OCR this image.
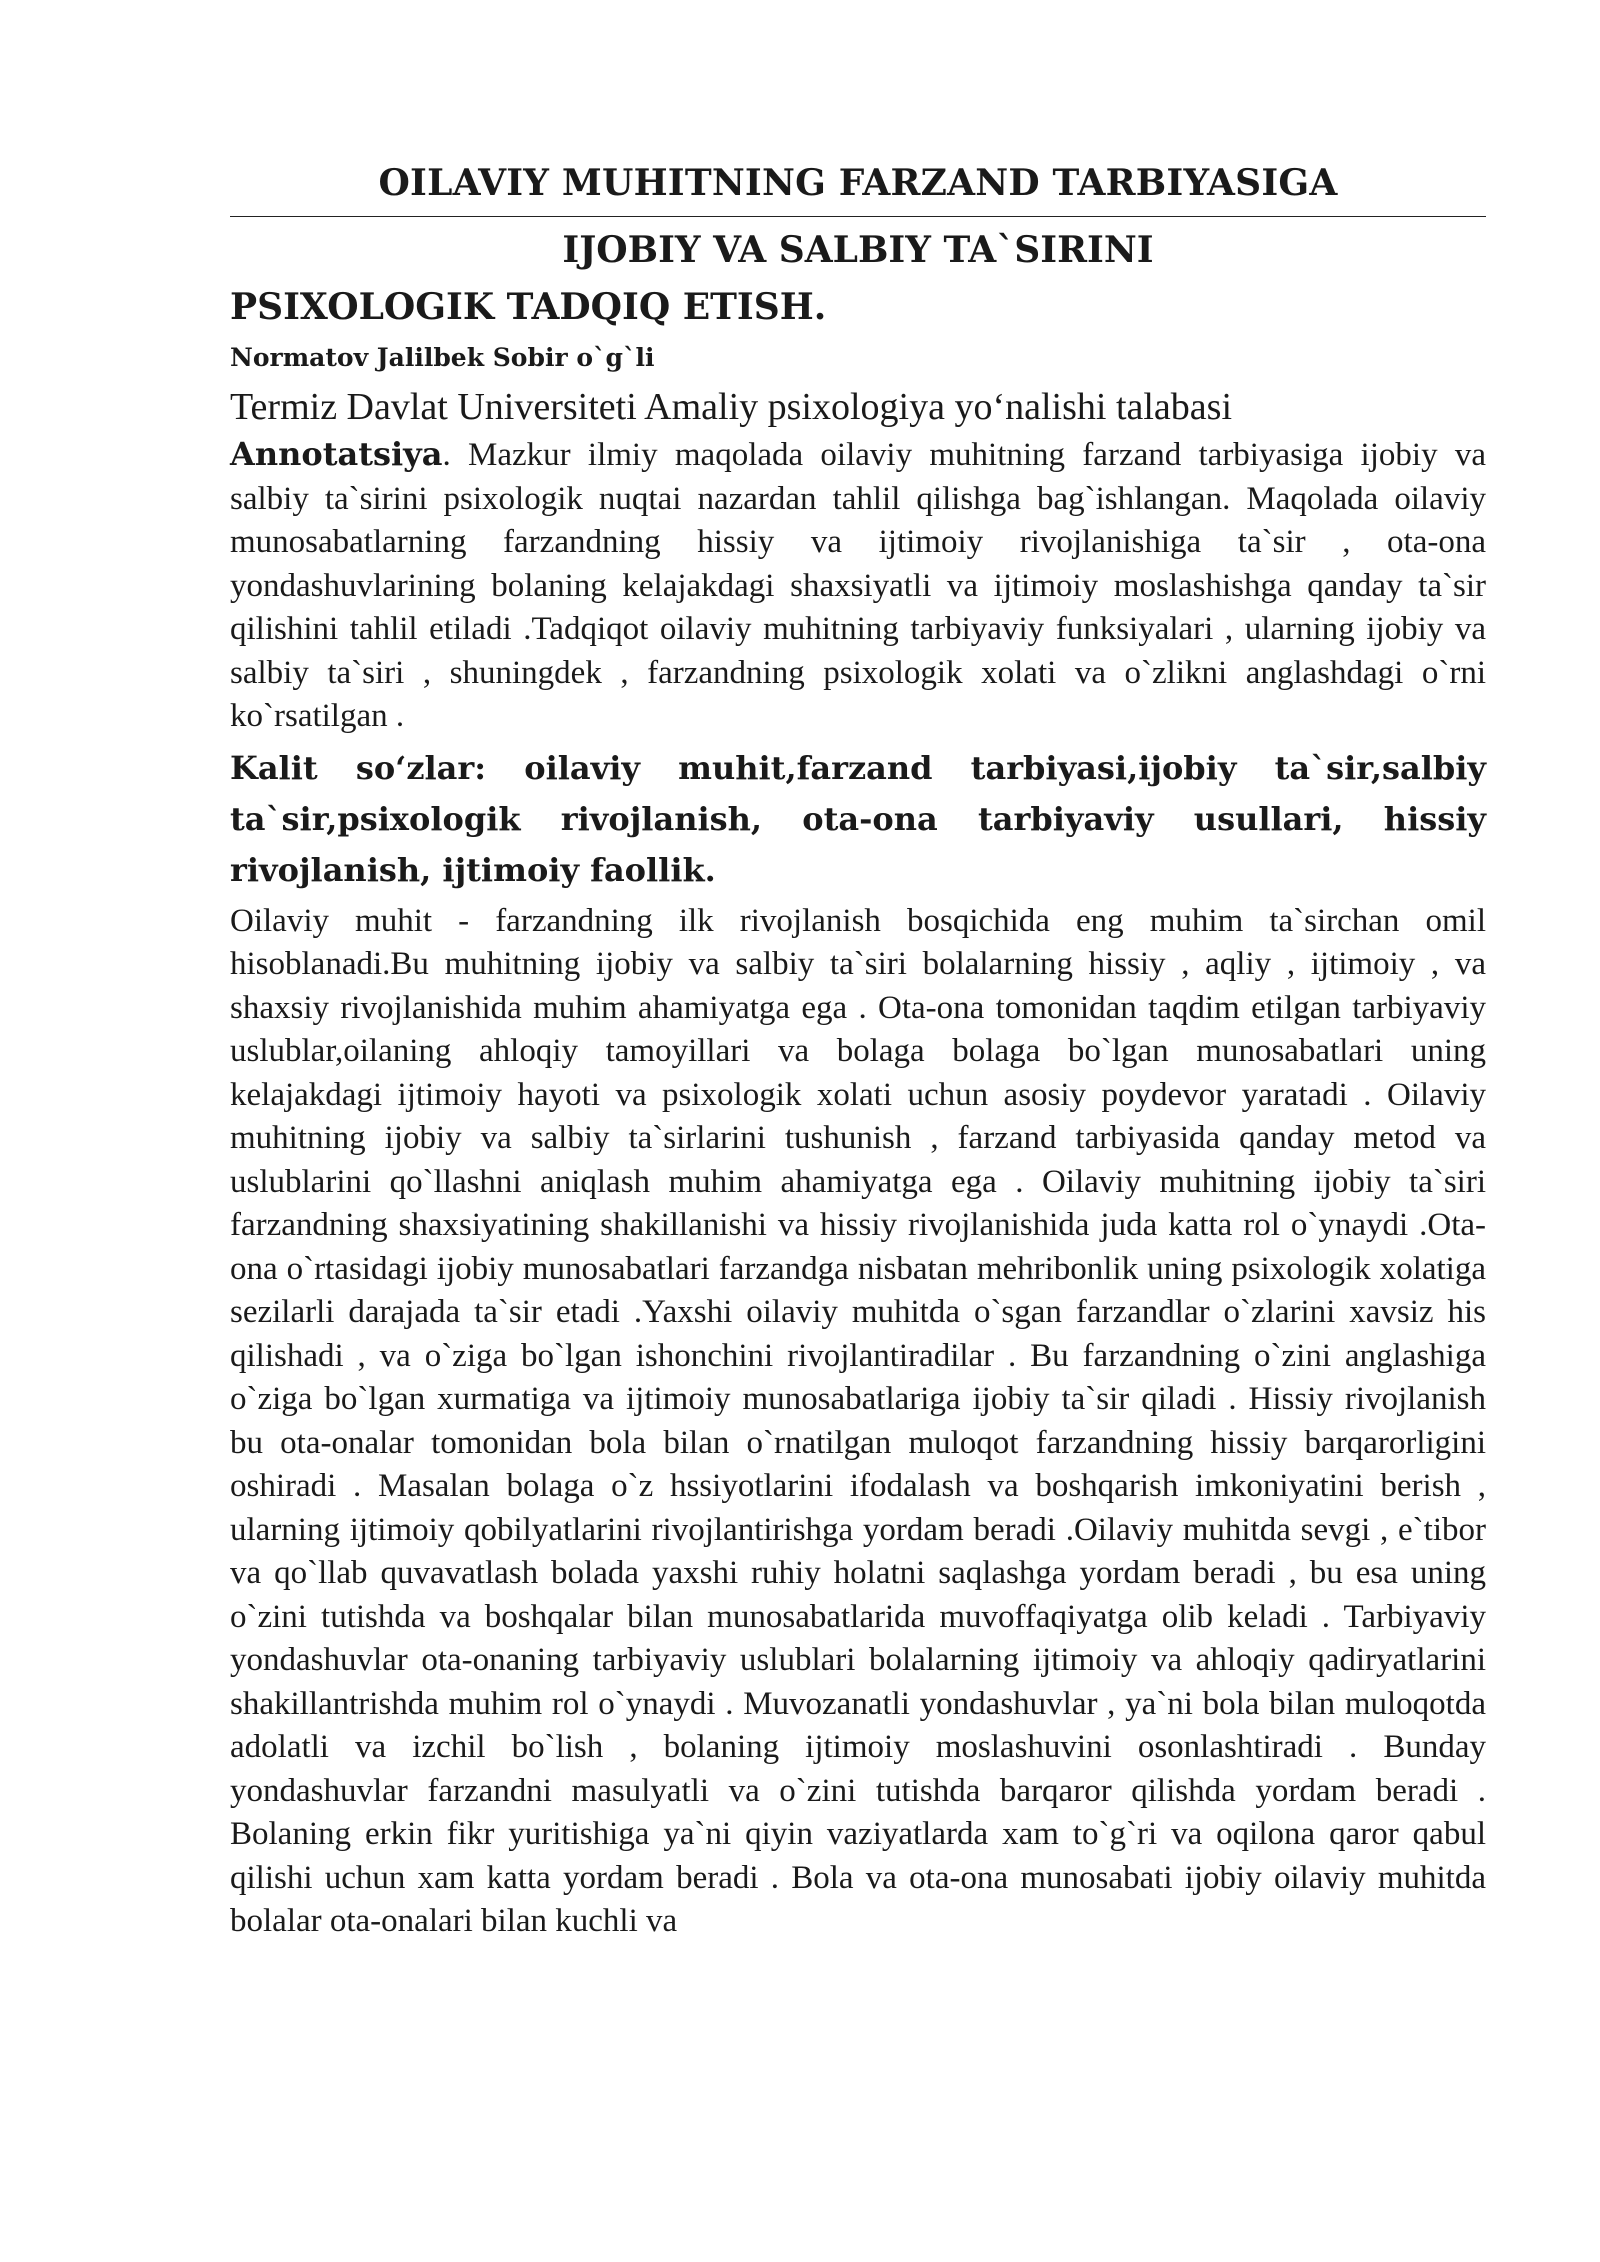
OILAVIY MUHITNING FARZAND TARBIYASIGA
IJOBIY VA SALBIY TA`SIRINI
PSIXOLOGIK TADQIQ ETISH.
Normatov Jalilbek Sobir o`g`li
Termiz Davlat Universiteti Amaliy psixologiya yo‘nalishi talabasi

Annotatsiya. Mazkur ilmiy maqolada oilaviy muhitning farzand tarbiyasiga ijobiy va salbiy ta`sirini psixologik nuqtai nazardan tahlil qilishga bag`ishlangan. Maqolada oilaviy munosabatlarning farzandning hissiy va ijtimoiy rivojlanishiga ta`sir , ota-ona yondashuvlarining bolaning kelajakdagi shaxsiyatli va ijtimoiy moslashishga qanday ta`sir qilishini tahlil etiladi .Tadqiqot oilaviy muhitning tarbiyaviy funksiyalari , ularning ijobiy va salbiy ta`siri , shuningdek , farzandning psixologik xolati va o`zlikni anglashdagi o`rni ko`rsatilgan .

Kalit so‘zlar: oilaviy muhit,farzand tarbiyasi,ijobiy ta`sir,salbiy ta`sir,psixologik rivojlanish, ota-ona tarbiyaviy usullari, hissiy rivojlanish, ijtimoiy faollik.

Oilaviy muhit - farzandning ilk rivojlanish bosqichida eng muhim ta`sirchan omil hisoblanadi.Bu muhitning ijobiy va salbiy ta`siri bolalarning hissiy , aqliy , ijtimoiy , va shaxsiy rivojlanishida muhim ahamiyatga ega . Ota-ona tomonidan taqdim etilgan tarbiyaviy uslublar,oilaning ahloqiy tamoyillari va bolaga bolaga bo`lgan munosabatlari uning kelajakdagi ijtimoiy hayoti va psixologik xolati uchun asosiy poydevor yaratadi . Oilaviy muhitning ijobiy va salbiy ta`sirlarini tushunish , farzand tarbiyasida qanday metod va uslublarini qo`llashni aniqlash muhim ahamiyatga ega . Oilaviy muhitning ijobiy ta`siri farzandning shaxsiyatining shakillanishi va hissiy rivojlanishida juda katta rol o`ynaydi .Ota-ona o`rtasidagi ijobiy munosabatlari farzandga nisbatan mehribonlik uning psixologik xolatiga sezilarli darajada ta`sir etadi .Yaxshi oilaviy muhitda o`sgan farzandlar o`zlarini xavsiz his qilishadi , va o`ziga bo`lgan ishonchini rivojlantiradilar . Bu farzandning o`zini anglashiga o`ziga bo`lgan xurmatiga va ijtimoiy munosabatlariga ijobiy ta`sir qiladi . Hissiy rivojlanish bu ota-onalar tomonidan bola bilan o`rnatilgan muloqot farzandning hissiy barqarorligini oshiradi . Masalan bolaga o`z hssiyotlarini ifodalash va boshqarish imkoniyatini berish , ularning ijtimoiy qobilyatlarini rivojlantirishga yordam beradi .Oilaviy muhitda sevgi , e`tibor va qo`llab quvavatlash bolada yaxshi ruhiy holatni saqlashga yordam beradi , bu esa uning o`zini tutishda va boshqalar bilan munosabatlarida muvoffaqiyatga olib keladi . Tarbiyaviy yondashuvlar ota-onaning tarbiyaviy uslublari bolalarning ijtimoiy va ahloqiy qadiryatlarini shakillantrishda muhim rol o`ynaydi . Muvozanatli yondashuvlar , ya`ni bola bilan muloqotda adolatli va izchil bo`lish , bolaning ijtimoiy moslashuvini osonlashtiradi . Bunday yondashuvlar farzandni masulyatli va o`zini tutishda barqaror qilishda yordam beradi . Bolaning erkin fikr yuritishiga ya`ni qiyin vaziyatlarda xam to`g`ri va oqilona qaror qabul qilishi uchun xam katta yordam beradi . Bola va ota-ona munosabati ijobiy oilaviy muhitda bolalar ota-onalari bilan kuchli va
